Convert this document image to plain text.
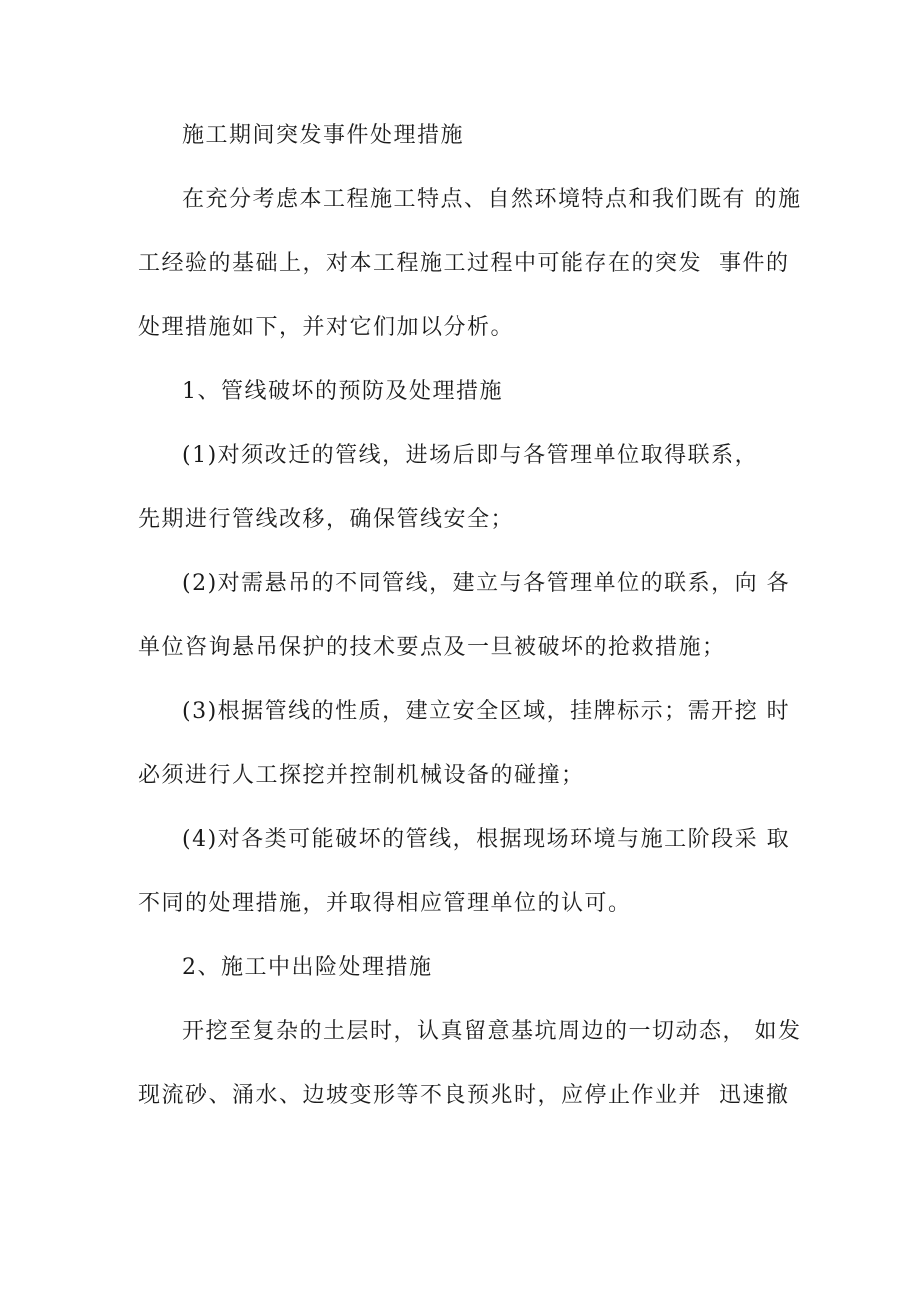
施工期间突发事件处理措施
在充分考虑本工程施工特点、自然环境特点和我们既有 的施
工经验的基础上，对本工程施工过程中可能存在的突发  事件的
处理措施如下，并对它们加以分析。
1、管线破坏的预防及处理措施
(1)对须改迁的管线，进场后即与各管理单位取得联系，
先期进行管线改移，确保管线安全；
(2)对需悬吊的不同管线，建立与各管理单位的联系，向 各
单位咨询悬吊保护的技术要点及一旦被破坏的抢救措施；
(3)根据管线的性质，建立安全区域，挂牌标示；需开挖 时
必须进行人工探挖并控制机械设备的碰撞；
(4)对各类可能破坏的管线，根据现场环境与施工阶段采 取
不同的处理措施，并取得相应管理单位的认可。
2、施工中出险处理措施
开挖至复杂的土层时，认真留意基坑周边的一切动态， 如发
现流砂、涌水、边坡变形等不良预兆时，应停止作业并  迅速撤
